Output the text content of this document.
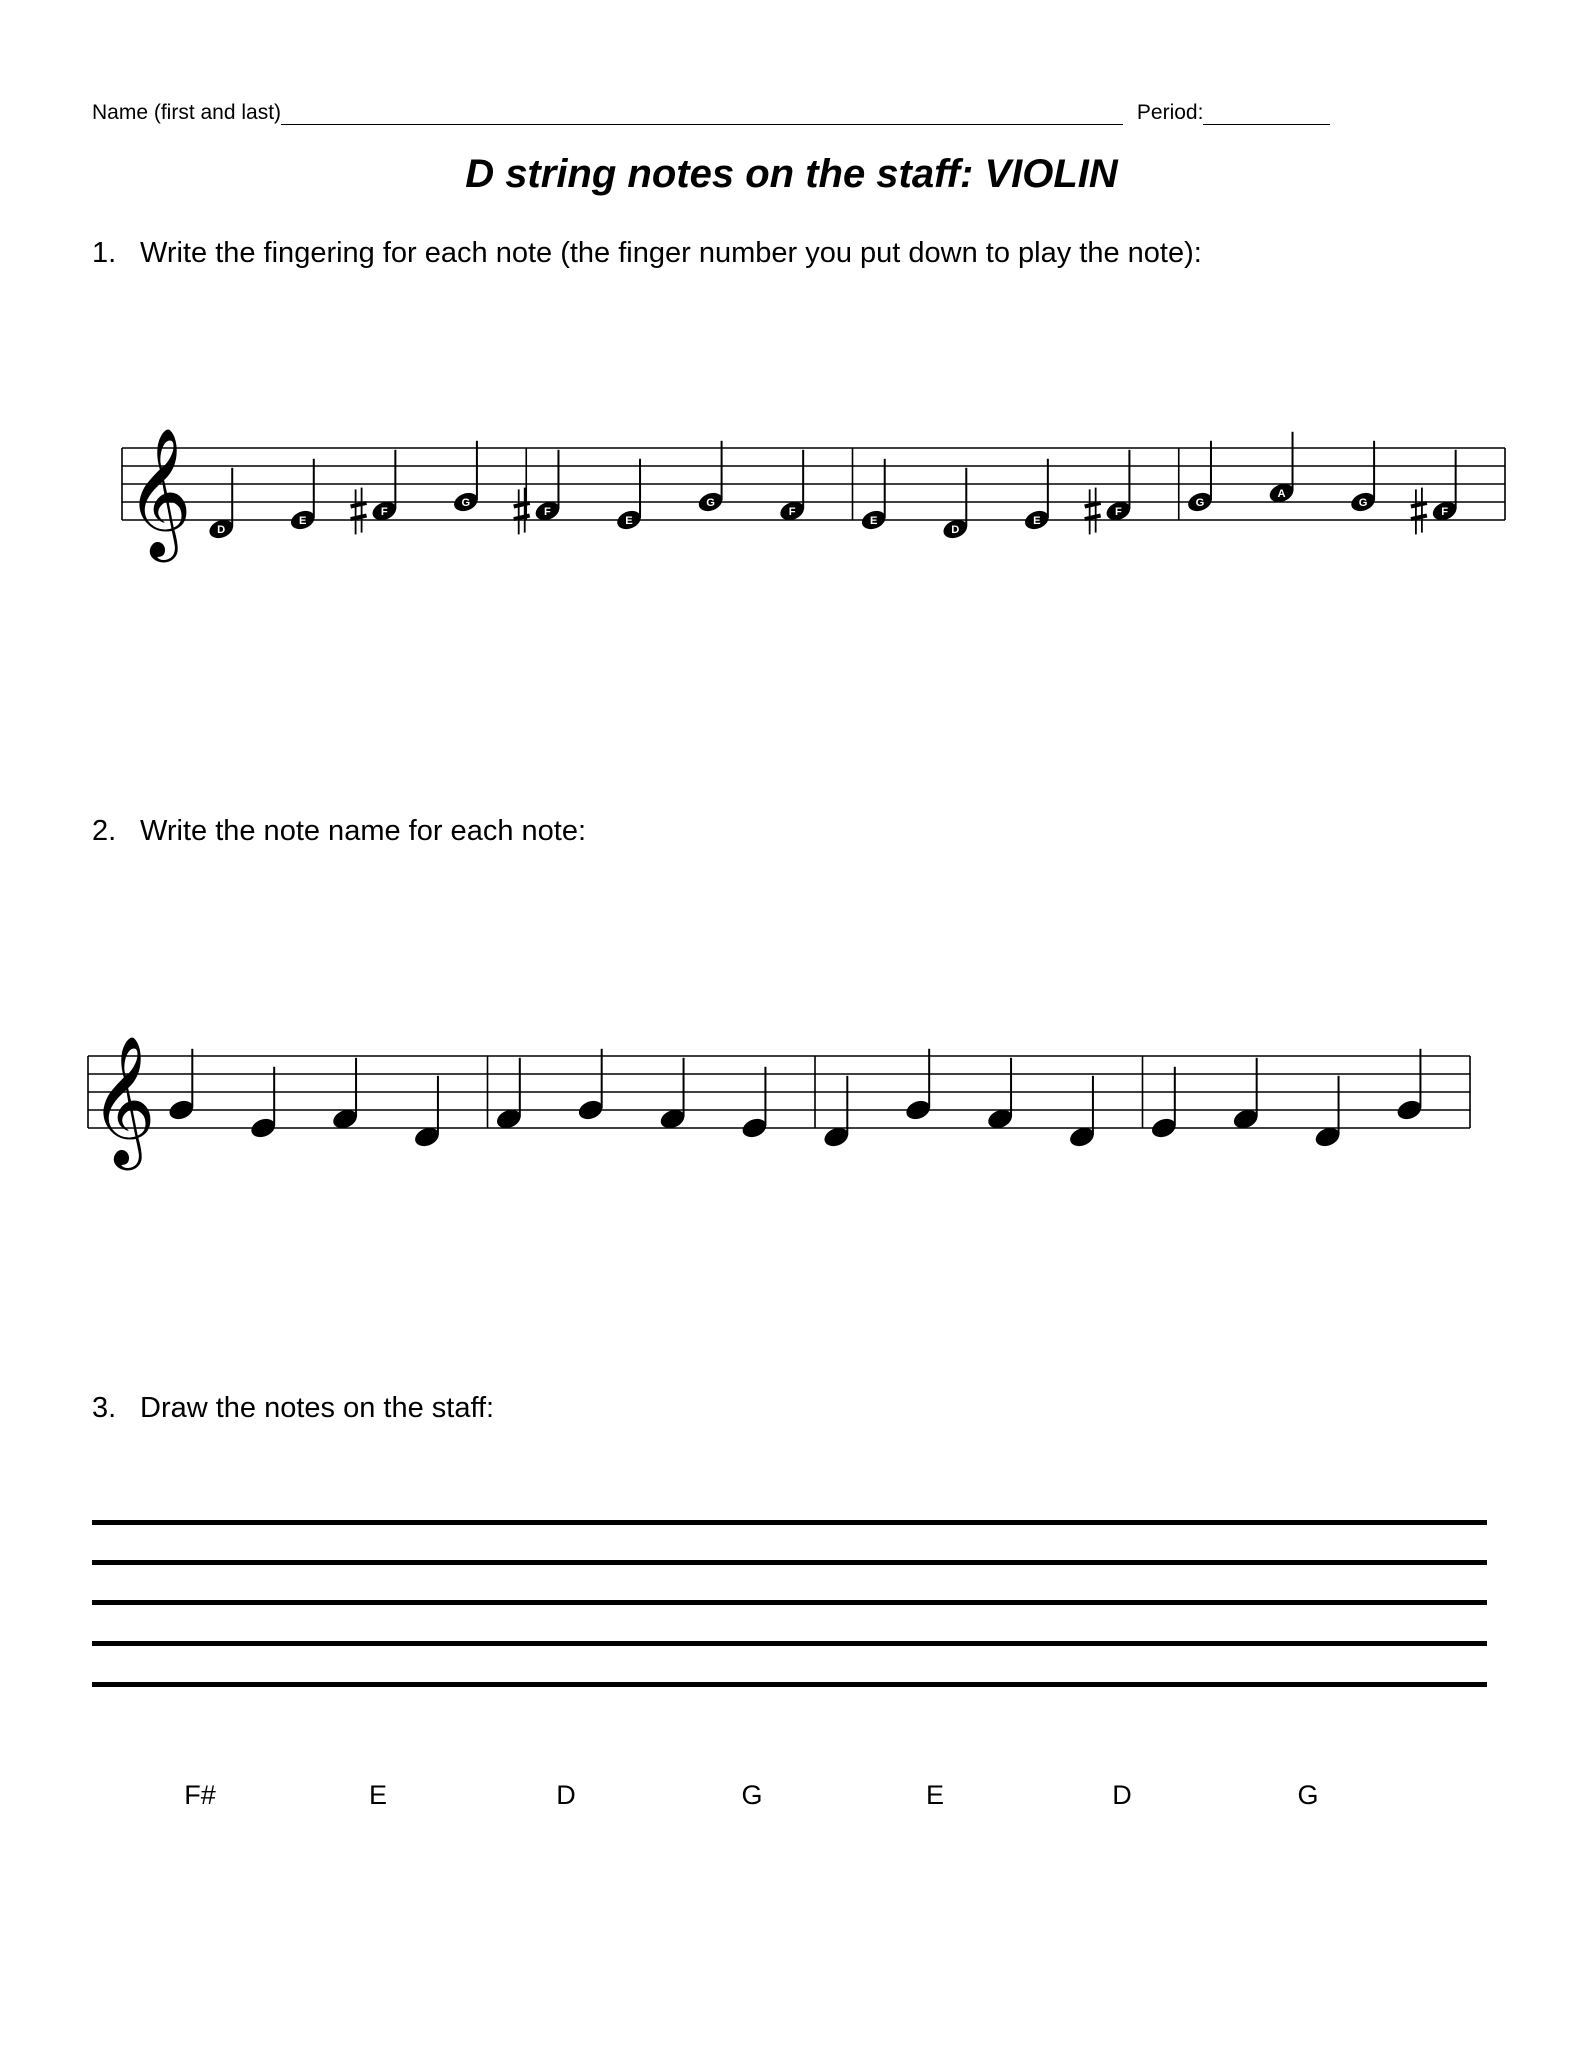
Name (first and last)	Period:
D string notes on the staff: VIOLIN
1. Write the fingering for each note (the finger number you put down to play the note):
𝄞 D
E
F
G
F
E
G
F
E
D
E
F
G
A
G
F
2. Write the note name for each note:
𝄞
3. Draw the notes on the staff:
F#	E	D	G	E	D	G
